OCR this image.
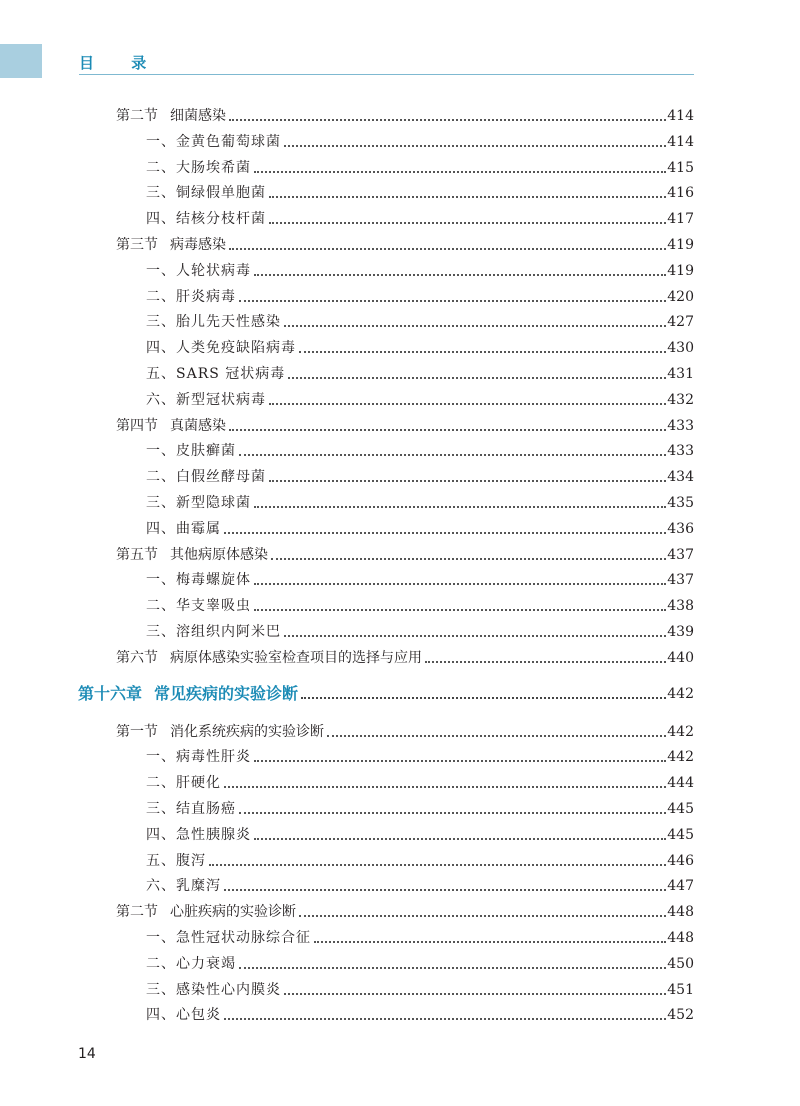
目 录
第二节 细菌感染	414
一、金黄色葡萄球菌	414
二、大肠埃希菌	415
三、铜绿假单胞菌	416
四、结核分枝杆菌	417
第三节 病毒感染	419
一、人轮状病毒	419
二、肝炎病毒	420
三、胎儿先天性感染	427
四、人类免疫缺陷病毒	430
五、SARS 冠状病毒	431
六、新型冠状病毒	432
第四节 真菌感染	433
一、皮肤癣菌	433
二、白假丝酵母菌	434
三、新型隐球菌	435
四、曲霉属	436
第五节 其他病原体感染	437
一、梅毒螺旋体	437
二、华支睾吸虫	438
三、溶组织内阿米巴	439
第六节 病原体感染实验室检查项目的选择与应用	440
第十六章 常见疾病的实验诊断	442
第一节 消化系统疾病的实验诊断	442
一、病毒性肝炎	442
二、肝硬化	444
三、结直肠癌	445
四、急性胰腺炎	445
五、腹泻	446
六、乳糜泻	447
第二节 心脏疾病的实验诊断	448
一、急性冠状动脉综合征	448
二、心力衰竭	450
三、感染性心内膜炎	451
四、心包炎	452
14
